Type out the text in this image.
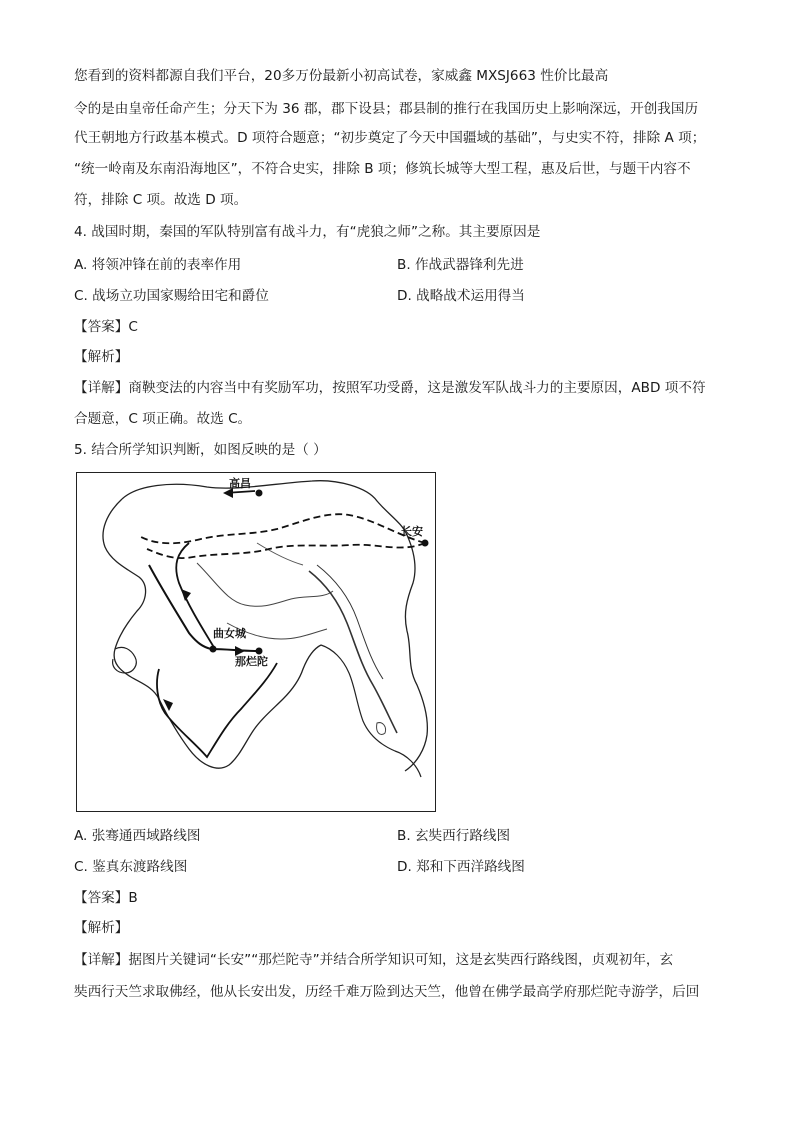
您看到的资料都源自我们平台，20多万份最新小初高试卷，家威鑫 MXSJ663 性价比最高
令的是由皇帝任命产生；分天下为 36 郡，郡下设县；郡县制的推行在我国历史上影响深远，开创我国历
代王朝地方行政基本模式。D 项符合题意；“初步奠定了今天中国疆域的基础”，与史实不符，排除 A 项；
“统一岭南及东南沿海地区”，不符合史实，排除 B 项；修筑长城等大型工程，惠及后世，与题干内容不
符，排除 C 项。故选 D 项。
4. 战国时期，秦国的军队特别富有战斗力，有“虎狼之师”之称。其主要原因是
A. 将领冲锋在前的表率作用	B. 作战武器锋利先进
C. 战场立功国家赐给田宅和爵位	D. 战略战术运用得当
【答案】C
【解析】
【详解】商鞅变法的内容当中有奖励军功，按照军功受爵，这是激发军队战斗力的主要原因，ABD 项不符
合题意，C 项正确。故选 C。
5. 结合所学知识判断，如图反映的是（ ）
高昌
长安
曲女城
那烂陀
A. 张骞通西域路线图	B. 玄奘西行路线图
C. 鉴真东渡路线图	D. 郑和下西洋路线图
【答案】B
【解析】
【详解】据图片关键词“长安”“那烂陀寺”并结合所学知识可知，这是玄奘西行路线图，贞观初年，玄
奘西行天竺求取佛经，他从长安出发，历经千难万险到达天竺，他曾在佛学最高学府那烂陀寺游学，后回
